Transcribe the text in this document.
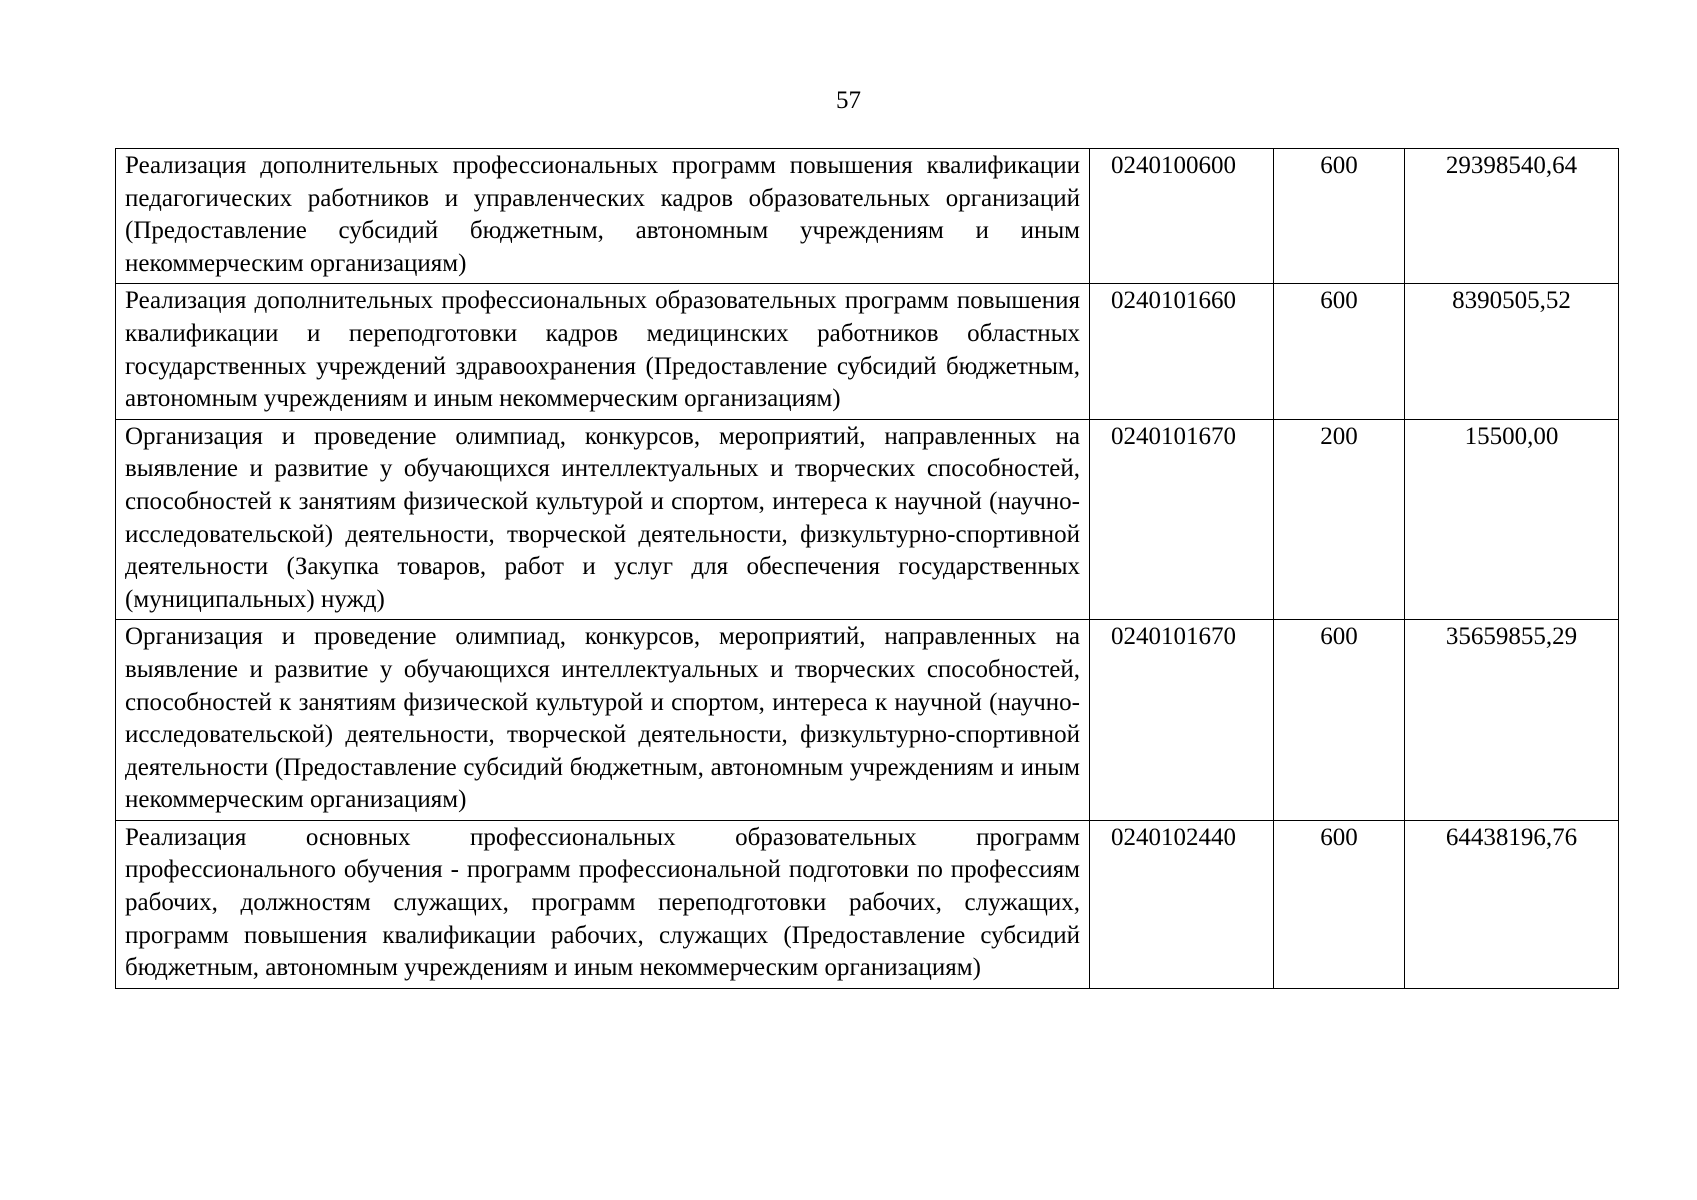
57
Реализация дополнительных профессиональных программ повышения квалификации педагогических работников и управленческих кадров образовательных организаций (Предоставление субсидий бюджетным, автономным учреждениям и иным некоммерческим организациям)	0240100600	600	29398540,64
Реализация дополнительных профессиональных образовательных программ повышения квалификации и переподготовки кадров медицинских работников областных государственных учреждений здравоохранения (Предоставление субсидий бюджетным, автономным учреждениям и иным некоммерческим организациям)	0240101660	600	8390505,52
Организация и проведение олимпиад, конкурсов, мероприятий, направленных на выявление и развитие у обучающихся интеллектуальных и творческих способностей, способностей к занятиям физической культурой и спортом, интереса к научной (научно-исследовательской) деятельности, творческой деятельности, физкультурно-спортивной деятельности (Закупка товаров, работ и услуг для обеспечения государственных (муниципальных) нужд)	0240101670	200	15500,00
Организация и проведение олимпиад, конкурсов, мероприятий, направленных на выявление и развитие у обучающихся интеллектуальных и творческих способностей, способностей к занятиям физической культурой и спортом, интереса к научной (научно-исследовательской) деятельности, творческой деятельности, физкультурно-спортивной деятельности (Предоставление субсидий бюджетным, автономным учреждениям и иным некоммерческим организациям)	0240101670	600	35659855,29
Реализация основных профессиональных образовательных программ профессионального обучения - программ профессиональной подготовки по профессиям рабочих, должностям служащих, программ переподготовки рабочих, служащих, программ повышения квалификации рабочих, служащих (Предоставление субсидий бюджетным, автономным учреждениям и иным некоммерческим организациям)	0240102440	600	64438196,76
